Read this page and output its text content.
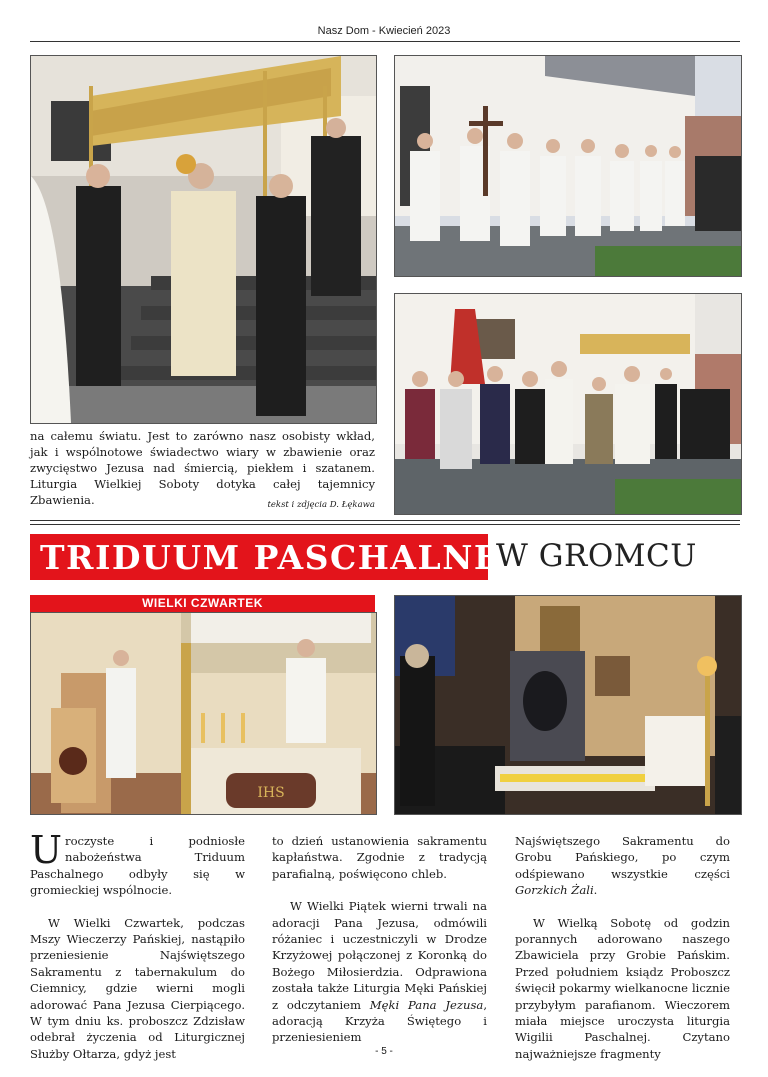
Nasz Dom - Kwiecień 2023
na całemu światu. Jest to zarówno nasz osobisty wkład, jak i wspólnotowe świadectwo wiary w zbawienie oraz zwycięstwo Jezusa nad śmiercią, piekłem i szatanem. Liturgia Wielkiej Soboty dotyka całej tajemnicy Zbawienia.	tekst i zdjęcia D. Łękawa
TRIDUUM PASCHALNE
W GROMCU
WIELKI CZWARTEK
IHS

Uroczyste i podniosłe nabożeństwa Triduum Paschalnego odbyły się w gromieckiej wspólnocie.

W Wielki Czwartek, podczas Mszy Wieczerzy Pańskiej, nastąpiło przeniesienie Najświętszego Sakramentu z tabernakulum do Ciemnicy, gdzie wierni mogli adorować Pana Jezusa Cierpiącego. W tym dniu ks. proboszcz Zdzisław odebrał życzenia od Liturgicznej Służby Ołtarza, gdyż jest

to dzień ustanowienia sakramentu kapłaństwa. Zgodnie z tradycją parafialną, poświęcono chleb.

W Wielki Piątek wierni trwali na adoracji Pana Jezusa, odmówili różaniec i uczestniczyli w Drodze Krzyżowej połączonej z Koronką do Bożego Miłosierdzia. Odprawiona została także Liturgia Męki Pańskiej z odczytaniem Męki Pana Jezusa, adoracją Krzyża Świętego i przeniesieniem

Najświętszego Sakramentu do Grobu Pańskiego, po czym odśpiewano wszystkie części Gorzkich Żali.

W Wielką Sobotę od godzin porannych adorowano naszego Zbawiciela przy Grobie Pańskim. Przed południem ksiądz Proboszcz święcił pokarmy wielkanocne licznie przybyłym parafianom. Wieczorem miała miejsce uroczysta liturgia Wigilii Paschalnej. Czytano najważniejsze fragmenty

- 5 -
